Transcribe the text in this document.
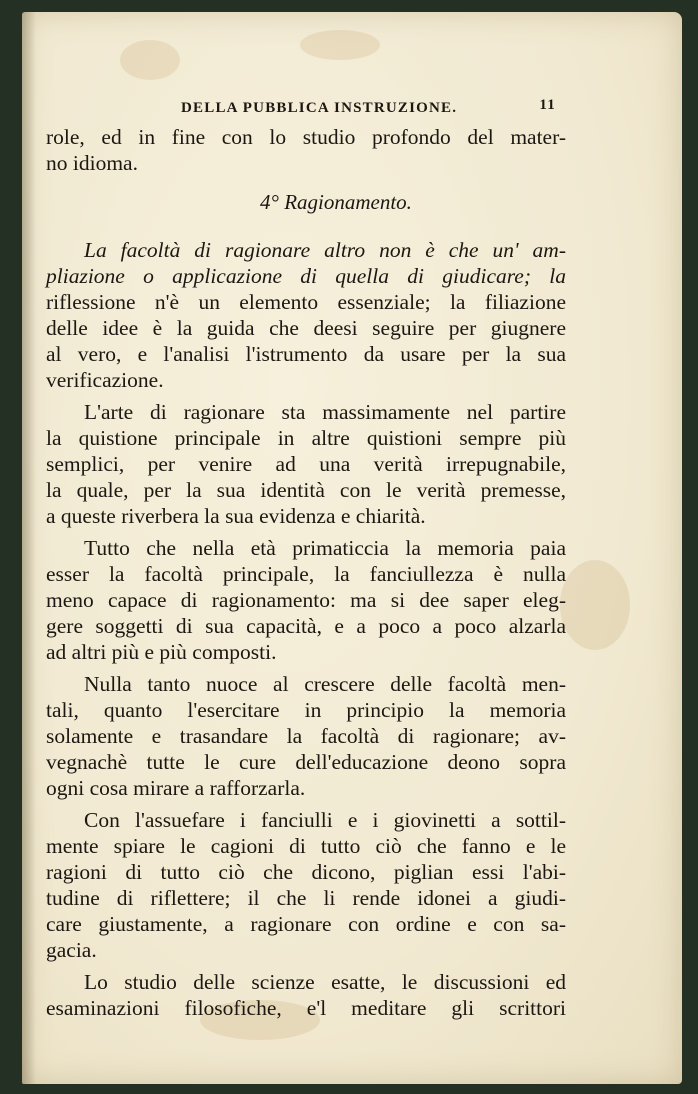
DELLA PUBBLICA INSTRUZIONE.	11
role, ed in fine con lo studio profondo del mater-
no idioma.
4° Ragionamento.
La facoltà di ragionare altro non è che un' am-
pliazione o applicazione di quella di giudicare; la
riflessione n'è un elemento essenziale; la filiazione
delle idee è la guida che deesi seguire per giugnere
al vero, e l'analisi l'istrumento da usare per la sua
verificazione.
L'arte di ragionare sta massimamente nel partire
la quistione principale in altre quistioni sempre più
semplici, per venire ad una verità irrepugnabile,
la quale, per la sua identità con le verità premesse,
a queste riverbera la sua evidenza e chiarità.
Tutto che nella età primaticcia la memoria paia
esser la facoltà principale, la fanciullezza è nulla
meno capace di ragionamento: ma si dee saper eleg-
gere soggetti di sua capacità, e a poco a poco alzarla
ad altri più e più composti.
Nulla tanto nuoce al crescere delle facoltà men-
tali, quanto l'esercitare in principio la memoria
solamente e trasandare la facoltà di ragionare; av-
vegnachè tutte le cure dell'educazione deono sopra
ogni cosa mirare a rafforzarla.
Con l'assuefare i fanciulli e i giovinetti a sottil-
mente spiare le cagioni di tutto ciò che fanno e le
ragioni di tutto ciò che dicono, piglian essi l'abi-
tudine di riflettere; il che li rende idonei a giudi-
care giustamente, a ragionare con ordine e con sa-
gacia.
Lo studio delle scienze esatte, le discussioni ed
esaminazioni filosofiche, e'l meditare gli scrittori
